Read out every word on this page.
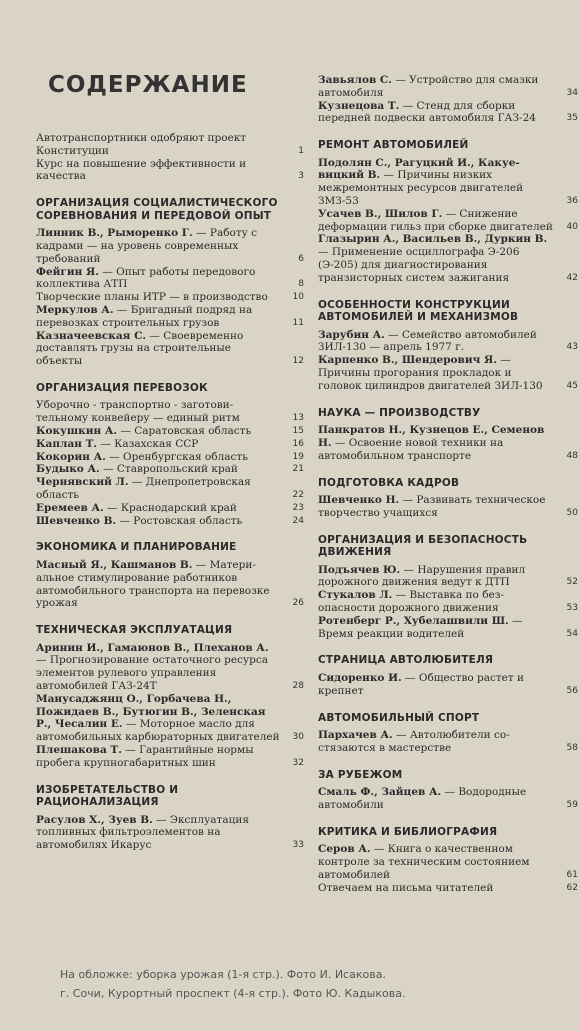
СОДЕРЖАНИЕ
Автотранспортники одобряют проект Конституции	1
Курс на повышение эффективности и качества	3
ОРГАНИЗАЦИЯ СОЦИАЛИСТИЧЕСКОГО СОРЕВНОВАНИЯ И ПЕРЕДОВОЙ ОПЫТ
Линник В., Рыморенко Г. — Работу с кадрами — на уровень современных требований	6
Фейгин Я. — Опыт работы передового коллектива АТП	8
Творческие планы ИТР — в производство	10
Меркулов А. — Бригадный подряд на перевозках строительных грузов	11
Казначеевская С. — Своевременно доставлять грузы на строительные объекты	12
ОРГАНИЗАЦИЯ ПЕРЕВОЗОК
Уборочно - транспортно - заготовительному конвейеру — единый ритм	13
Кокушкин А. — Саратовская область	15
Каплан Т. — Казахская ССР	16
Кокорин А. — Оренбургская область	19
Будыко А. — Ставропольский край	21
Чернявский Л. — Днепропетровская область	22
Еремеев А. — Краснодарский край	23
Шевченко В. — Ростовская область	24
ЭКОНОМИКА И ПЛАНИРОВАНИЕ
Масный Я., Кашманов В. — Материальное стимулирование работников автомобильного транспорта на перевозке урожая	26
ТЕХНИЧЕСКАЯ ЭКСПЛУАТАЦИЯ
Аринин И., Гамаюнов В., Плеханов А. — Прогнозирование остаточного ресурса элементов рулевого управления автомобилей ГАЗ-24Т	28
Манусаджянц О., Горбачева Н., Пожидаев В., Бутюгин В., Зеленская Р., Чесалин Е. — Моторное масло для автомобильных карбюраторных двигателей 30
Плешакова Т. — Гарантийные нормы пробега крупногабаритных шин	32
ИЗОБРЕТАТЕЛЬСТВО И РАЦИОНАЛИЗАЦИЯ
Расулов Х., Зуев В. — Эксплуатация топливных фильтроэлементов на автомобилях Икарус	33
Завьялов С. — Устройство для смазки автомобиля	34
Кузнецова Т. — Стенд для сборки передней подвески автомобиля ГАЗ-24	35
РЕМОНТ АВТОМОБИЛЕЙ
Подолян С., Рагуцкий И., Какуевицкий В. — Причины низких межремонтных ресурсов двигателей ЗМЗ-53	36
Усачев В., Шилов Г. — Снижение деформации гильз при сборке двигателей 40
Глазырин А., Васильев В., Дуркин В. — Применение осциллографа Э-206 (Э-205) для диагностирования транзисторных систем зажигания	42
ОСОБЕННОСТИ КОНСТРУКЦИИ АВТОМОБИЛЕЙ И МЕХАНИЗМОВ
Зарубин А. — Семейство автомобилей ЗИЛ-130 — апрель 1977 г.	43
Карпенко В., Шендерович Я. — Причины прогорания прокладок и головок цилиндров двигателей ЗИЛ-130	45
НАУКА — ПРОИЗВОДСТВУ
Панкратов Н., Кузнецов Е., Семенов Н. — Освоение новой техники на автомобильном транспорте	48
ПОДГОТОВКА КАДРОВ
Шевченко Н. — Развивать техническое творчество учащихся	50
ОРГАНИЗАЦИЯ И БЕЗОПАСНОСТЬ ДВИЖЕНИЯ
Подъячев Ю. — Нарушения правил дорожного движения ведут к ДТП	52
Стукалов Л. — Выставка по безопасности дорожного движения	53
Ротенберг Р., Хубелашвили Ш. — Время реакции водителей	54
СТРАНИЦА АВТОЛЮБИТЕЛЯ
Сидоренко И. — Общество растет и крепнет	56
АВТОМОБИЛЬНЫЙ СПОРТ
Пархачев А. — Автолюбители состязаются в мастерстве	58
ЗА РУБЕЖОМ
Смаль Ф., Зайцев А. — Водородные автомобили	59
КРИТИКА И БИБЛИОГРАФИЯ
Серов А. — Книга о качественном контроле за техническим состоянием автомобилей	61
Отвечаем на письма читателей	62
На обложке: уборка урожая (1-я стр.). Фото И. Исакова.
г. Сочи, Курортный проспект (4-я стр.). Фото Ю. Кадыкова.
